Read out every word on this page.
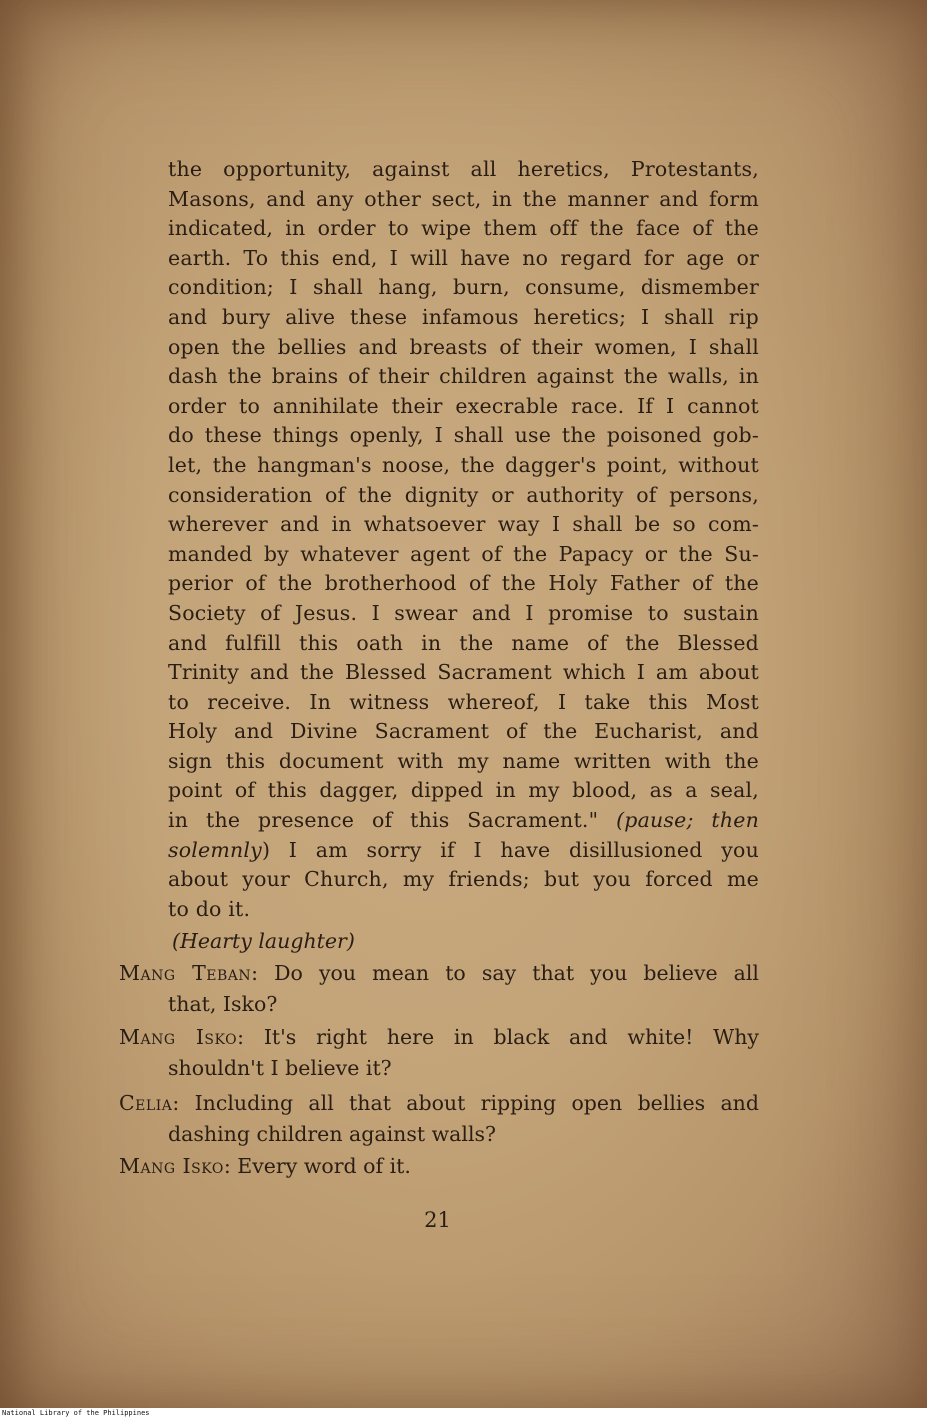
the opportunity, against all heretics, Protestants,
Masons, and any other sect, in the manner and form
indicated, in order to wipe them off the face of the
earth. To this end, I will have no regard for age or
condition; I shall hang, burn, consume, dismember
and bury alive these infamous heretics; I shall rip
open the bellies and breasts of their women, I shall
dash the brains of their children against the walls, in
order to annihilate their execrable race. If I cannot
do these things openly, I shall use the poisoned gob-
let, the hangman's noose, the dagger's point, without
consideration of the dignity or authority of persons,
wherever and in whatsoever way I shall be so com-
manded by whatever agent of the Papacy or the Su-
perior of the brotherhood of the Holy Father of the
Society of Jesus. I swear and I promise to sustain
and fulfill this oath in the name of the Blessed
Trinity and the Blessed Sacrament which I am about
to receive. In witness whereof, I take this Most
Holy and Divine Sacrament of the Eucharist, and
sign this document with my name written with the
point of this dagger, dipped in my blood, as a seal,
in the presence of this Sacrament." (pause; then
solemnly) I am sorry if I have disillusioned you
about your Church, my friends; but you forced me
to do it.
(Hearty laughter)
Mang Teban: Do you mean to say that you believe all
that, Isko?
Mang Isko: It's right here in black and white! Why
shouldn't I believe it?
Celia: Including all that about ripping open bellies and
dashing children against walls?
Mang Isko: Every word of it.
21
National Library of the Philippines
